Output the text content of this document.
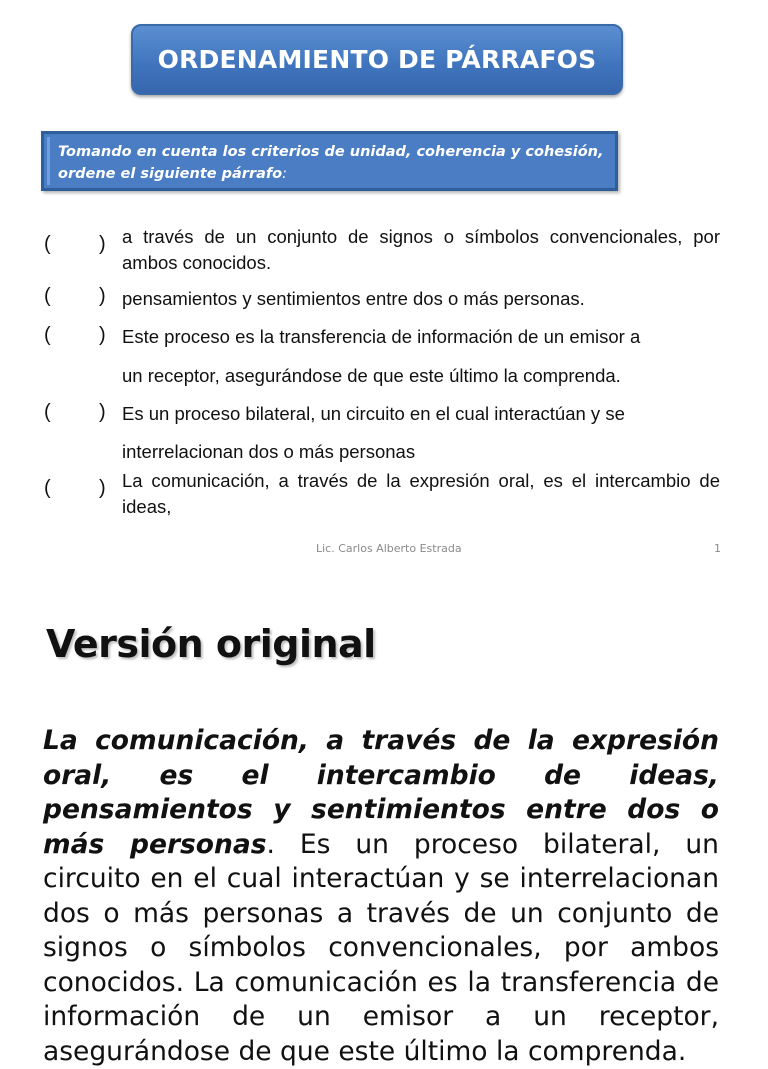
ORDENAMIENTO DE PÁRRAFOS
Tomando en cuenta los criterios de unidad, coherencia y cohesión,
ordene el siguiente párrafo:
( ) a través de un conjunto de signos o símbolos convencionales, por ambos conocidos.
( ) pensamientos y sentimientos entre dos o más personas.
( ) Este proceso es la transferencia de información de un emisor a
un receptor, asegurándose de que este último la comprenda.
( ) Es un proceso bilateral, un circuito en el cual interactúan y se
interrelacionan dos o más personas
( ) La comunicación, a través de la expresión oral, es el intercambio de ideas,
Lic. Carlos Alberto Estrada	1
Versión original
La comunicación, a través de la expresión oral, es el intercambio de ideas, pensamientos y sentimientos entre dos o más personas. Es un proceso bilateral, un circuito en el cual interactúan y se interrelacionan dos o más personas a través de un conjunto de signos o símbolos convencionales, por ambos conocidos. La comunicación es la transferencia de información de un emisor a un receptor, asegurándose de que este último la comprenda.
